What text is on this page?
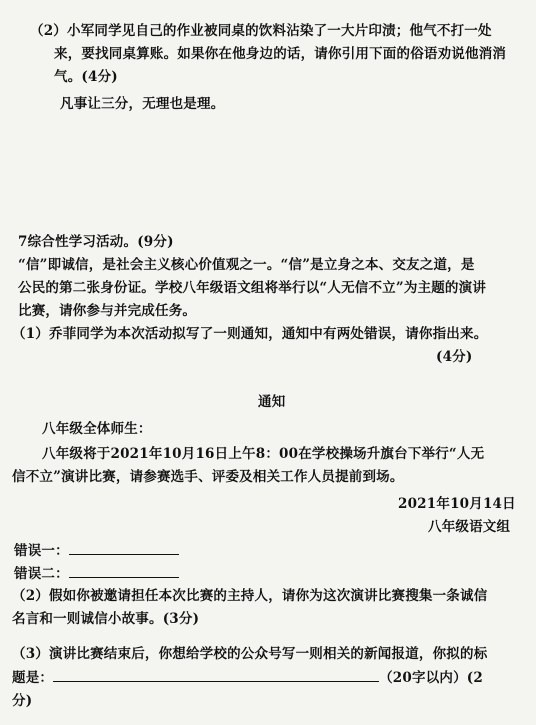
（2）小军同学见自己的作业被同桌的饮料沾染了一大片印渍；他气不打一处
来，要找同桌算账。如果你在他身边的话，请你引用下面的俗语劝说他消消
气。(4分)
凡事让三分，无理也是理。
7综合性学习活动。(9分)
“信”即诚信，是社会主义核心价值观之一。“信”是立身之本、交友之道，是
公民的第二张身份证。学校八年级语文组将举行以“人无信不立”为主题的演讲
比赛，请你参与并完成任务。
（1）乔菲同学为本次活动拟写了一则通知，通知中有两处错误，请你指出来。
(4分)
通知
八年级全体师生：
八年级将于2021年10月16日上午8：00在学校操场升旗台下举行“人无
信不立”演讲比赛，请参赛选手、评委及相关工作人员提前到场。
2021年10月14日
八年级语文组
错误一：
错误二：
（2）假如你被邀请担任本次比赛的主持人，请你为这次演讲比赛搜集一条诚信
名言和一则诚信小故事。(3分)
（3）演讲比赛结束后，你想给学校的公众号写一则相关的新闻报道，你拟的标
题是：	（20字以内）(2
分)
